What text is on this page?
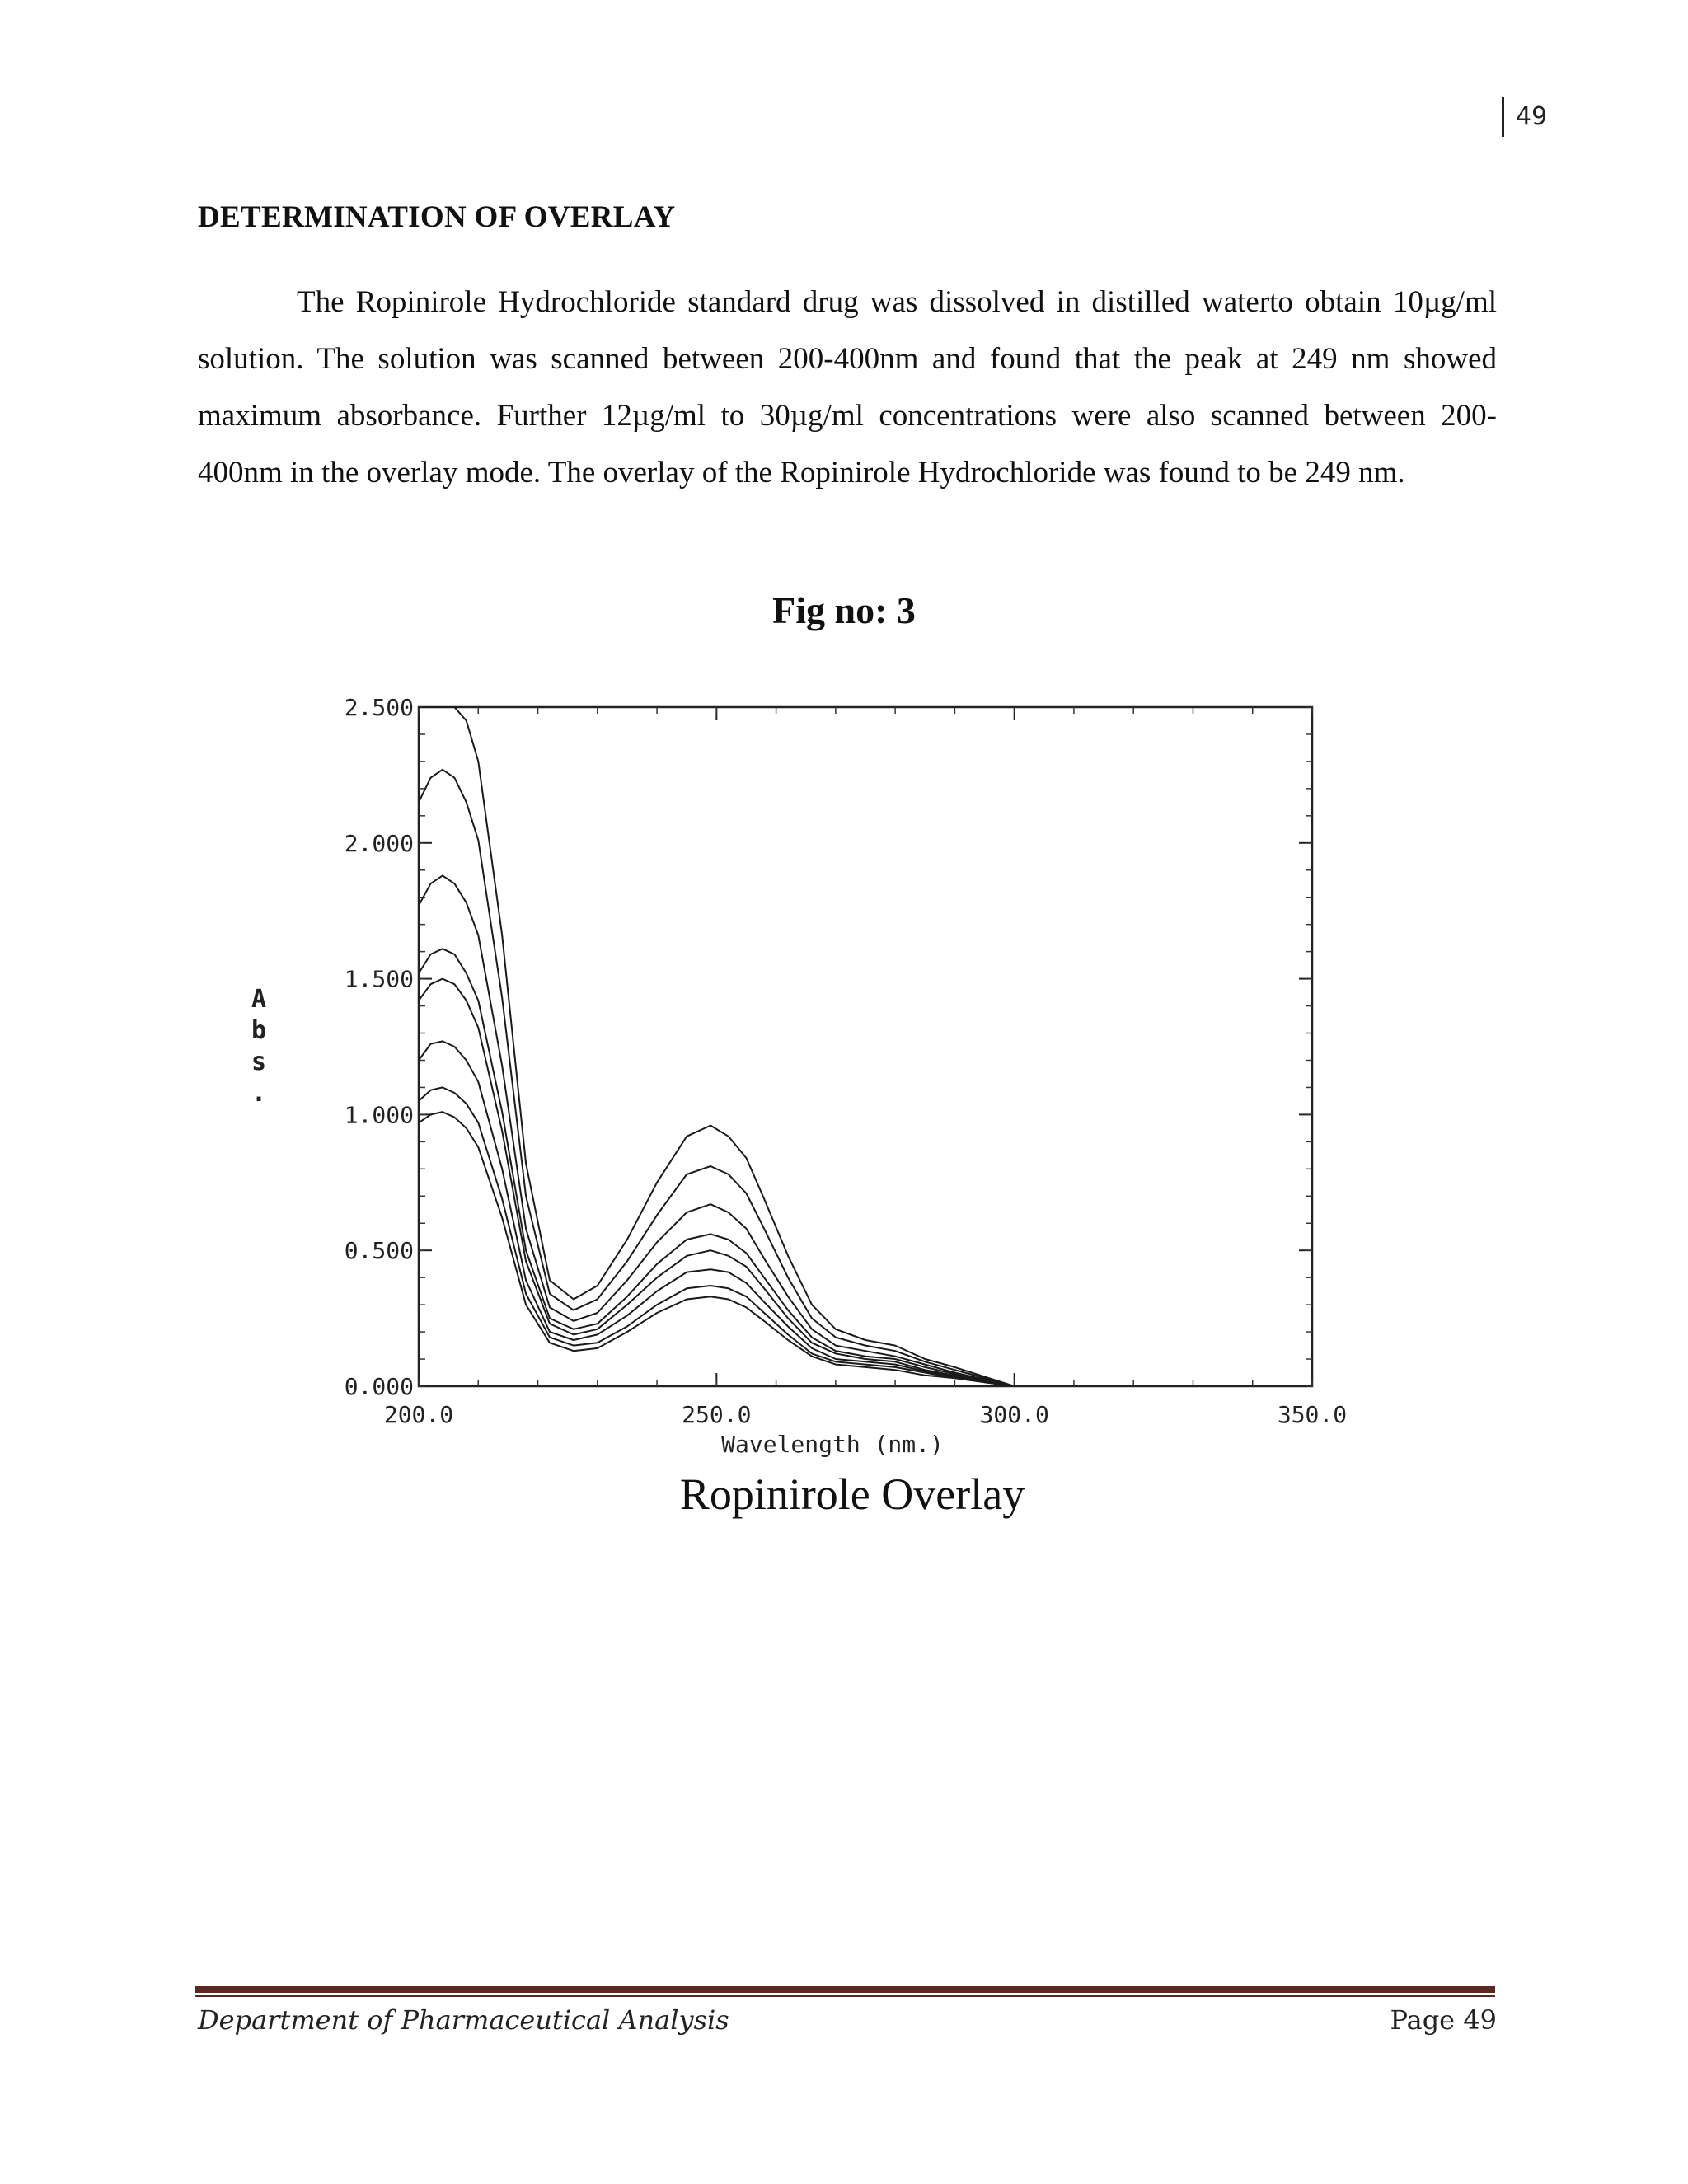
49
DETERMINATION OF OVERLAY

The Ropinirole Hydrochloride standard drug was dissolved in distilled waterto obtain 10µg/ml solution. The solution was scanned between 200-400nm and found that the peak at 249 nm showed maximum absorbance. Further 12µg/ml to 30µg/ml concentrations were also scanned between 200-400nm in the overlay mode. The overlay of the Ropinirole Hydrochloride was found to be 249 nm.

Fig no: 3
0.000
0.500
1.000
1.500
2.000
2.500
200.0	250.0	300.0	350.0
Wavelength (nm.)
A
b
s
.
Ropinirole Overlay
Department of Pharmaceutical Analysis	Page 49
